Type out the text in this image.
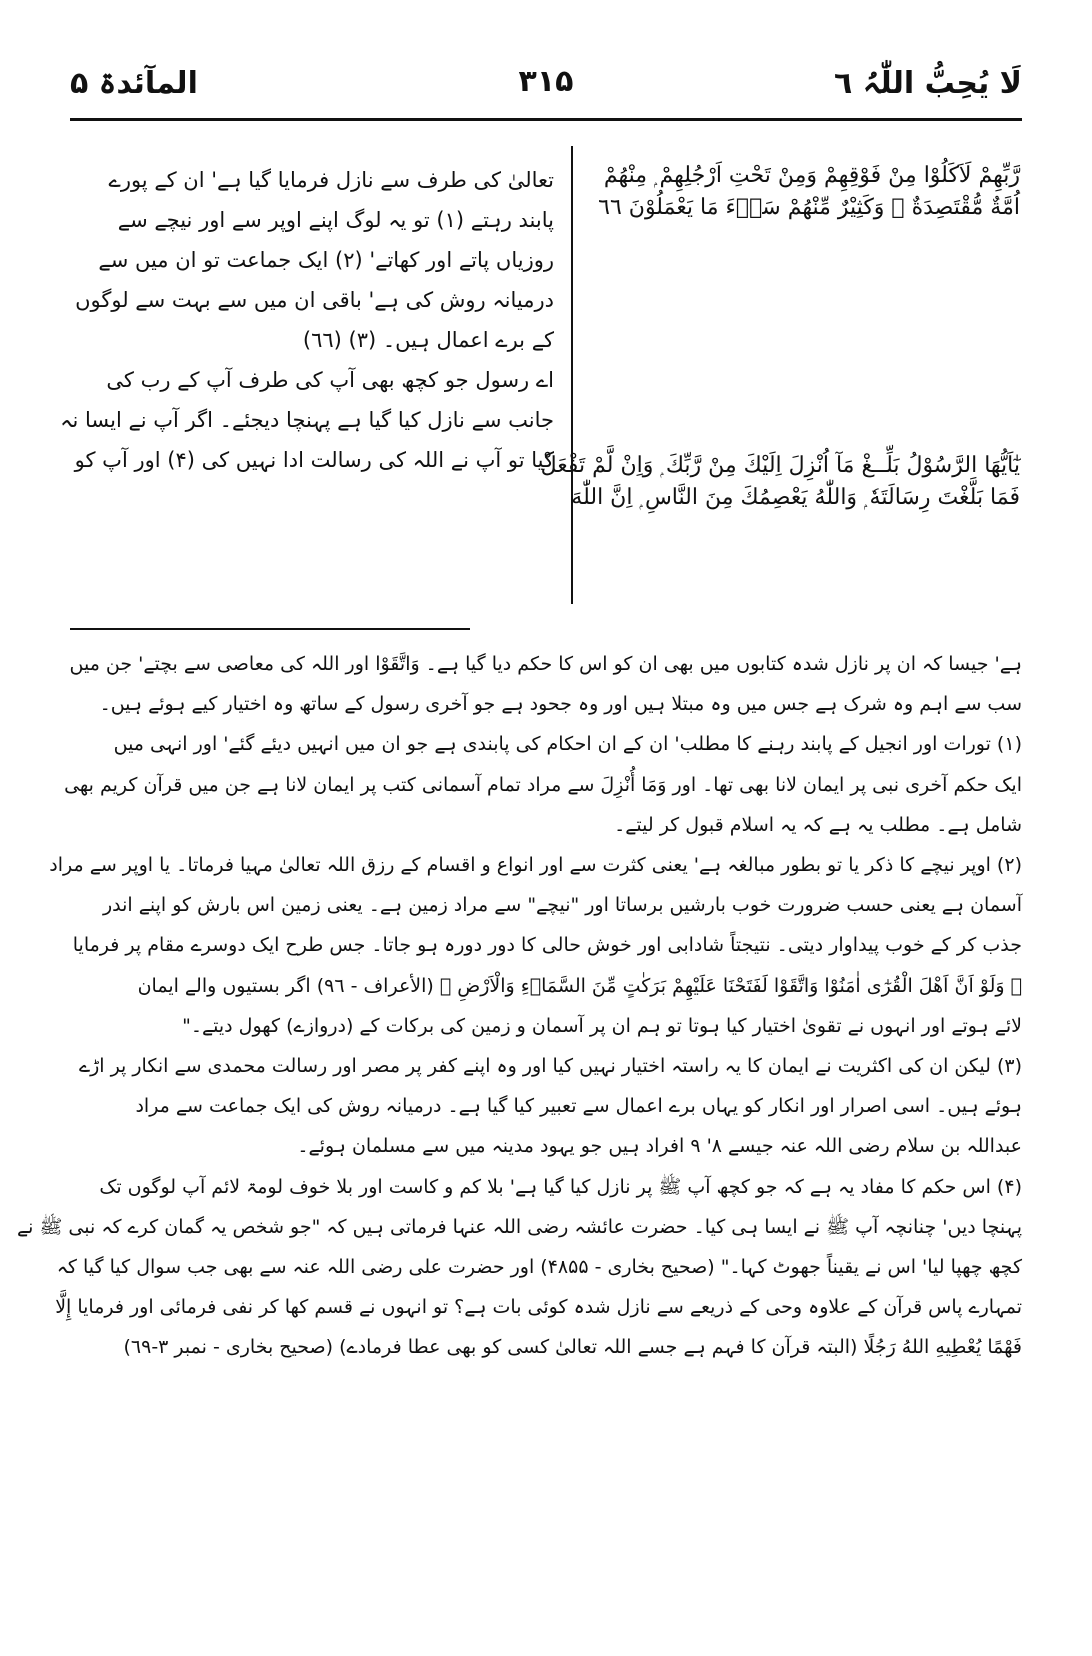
لَا یُحِبُّ اللّٰہُ ٦
۳۱۵
المآئدۃ ۵

رَّبِّهِمْ لَاَكَلُوْا مِنْ فَوْقِهِمْ وَمِنْ تَحْتِ اَرْجُلِهِمْ ۭ مِنْهُمْ

اُمَّةٌ مُّقْتَصِدَةٌ ۭ وَكَثِيْرٌ مِّنْهُمْ سَاۗءَ مَا يَعْمَلُوْنَ ٦٦

يٰٓاَيُّھَا الرَّسُوْلُ بَلِّــغْ مَآ اُنْزِلَ اِلَيْكَ مِنْ رَّبِّكَ ۭ وَاِنْ لَّمْ تَفْعَلْ

فَمَا بَلَّغْتَ رِسَالَتَهٗ ۭ وَاللّٰهُ يَعْصِمُكَ مِنَ النَّاسِ ۭ اِنَّ اللّٰهَ

تعالیٰ کی طرف سے نازل فرمایا گیا ہے' ان کے پورے

پابند رہتے (۱) تو یہ لوگ اپنے اوپر سے اور نیچے سے

روزیاں پاتے اور کھاتے' (۲) ایک جماعت تو ان میں سے

درمیانہ روش کی ہے' باقی ان میں سے بہت سے لوگوں

کے برے اعمال ہیں۔ (۳) (٦٦)

اے رسول جو کچھ بھی آپ کی طرف آپ کے رب کی

جانب سے نازل کیا گیا ہے پہنچا دیجئے۔ اگر آپ نے ایسا نہ

کیا تو آپ نے اللہ کی رسالت ادا نہیں کی (۴) اور آپ کو

ہے' جیسا کہ ان پر نازل شدہ کتابوں میں بھی ان کو اس کا حکم دیا گیا ہے۔ وَاتَّقَوْا اور اللہ کی معاصی سے بچتے' جن میں

سب سے اہم وہ شرک ہے جس میں وہ مبتلا ہیں اور وہ جحود ہے جو آخری رسول کے ساتھ وہ اختیار کیے ہوئے ہیں۔

(۱) تورات اور انجیل کے پابند رہنے کا مطلب' ان کے ان احکام کی پابندی ہے جو ان میں انہیں دیئے گئے' اور انہی میں

ایک حکم آخری نبی پر ایمان لانا بھی تھا۔ اور وَمَا أُنْزِلَ سے مراد تمام آسمانی کتب پر ایمان لانا ہے جن میں قرآن کریم بھی

شامل ہے۔ مطلب یہ ہے کہ یہ اسلام قبول کر لیتے۔

(۲) اوپر نیچے کا ذکر یا تو بطور مبالغہ ہے' یعنی کثرت سے اور انواع و اقسام کے رزق اللہ تعالیٰ مہیا فرماتا۔ یا اوپر سے مراد

آسمان ہے یعنی حسب ضرورت خوب بارشیں برساتا اور "نیچے" سے مراد زمین ہے۔ یعنی زمین اس بارش کو اپنے اندر

جذب کر کے خوب پیداوار دیتی۔ نتیجتاً شادابی اور خوش حالی کا دور دورہ ہو جاتا۔ جس طرح ایک دوسرے مقام پر فرمایا

﴿ وَلَوْ اَنَّ اَهْلَ الْقُرٰٓى اٰمَنُوْا وَاتَّقَوْا لَفَتَحْنَا عَلَيْهِمْ بَرَكٰتٍ مِّنَ السَّمَاۗءِ وَالْاَرْضِ ﴾ (الأعراف - ۹٦) اگر بستیوں والے ایمان

لائے ہوتے اور انہوں نے تقویٰ اختیار کیا ہوتا تو ہم ان پر آسمان و زمین کی برکات کے (دروازے) کھول دیتے۔"

(۳) لیکن ان کی اکثریت نے ایمان کا یہ راستہ اختیار نہیں کیا اور وہ اپنے کفر پر مصر اور رسالت محمدی سے انکار پر اڑے

ہوئے ہیں۔ اسی اصرار اور انکار کو یہاں برے اعمال سے تعبیر کیا گیا ہے۔ درمیانہ روش کی ایک جماعت سے مراد

عبداللہ بن سلام رضی اللہ عنہ جیسے ۸' ۹ افراد ہیں جو یہود مدینہ میں سے مسلمان ہوئے۔

(۴) اس حکم کا مفاد یہ ہے کہ جو کچھ آپ ﷺ پر نازل کیا گیا ہے' بلا کم و کاست اور بلا خوف لومۃ لائم آپ لوگوں تک

پہنچا دیں' چنانچہ آپ ﷺ نے ایسا ہی کیا۔ حضرت عائشہ رضی اللہ عنہا فرماتی ہیں کہ "جو شخص یہ گمان کرے کہ نبی ﷺ نے

کچھ چھپا لیا' اس نے یقیناً جھوٹ کہا۔" (صحیح بخاری - ۴۸۵۵) اور حضرت علی رضی اللہ عنہ سے بھی جب سوال کیا گیا کہ

تمہارے پاس قرآن کے علاوہ وحی کے ذریعے سے نازل شدہ کوئی بات ہے؟ تو انہوں نے قسم کھا کر نفی فرمائی اور فرمایا إِلَّا

فَهْمًا يُعْطِيهِ اللهُ رَجُلًا (البتہ قرآن کا فہم ہے جسے اللہ تعالیٰ کسی کو بھی عطا فرمادے) (صحیح بخاری - نمبر ۳-٦۹)
